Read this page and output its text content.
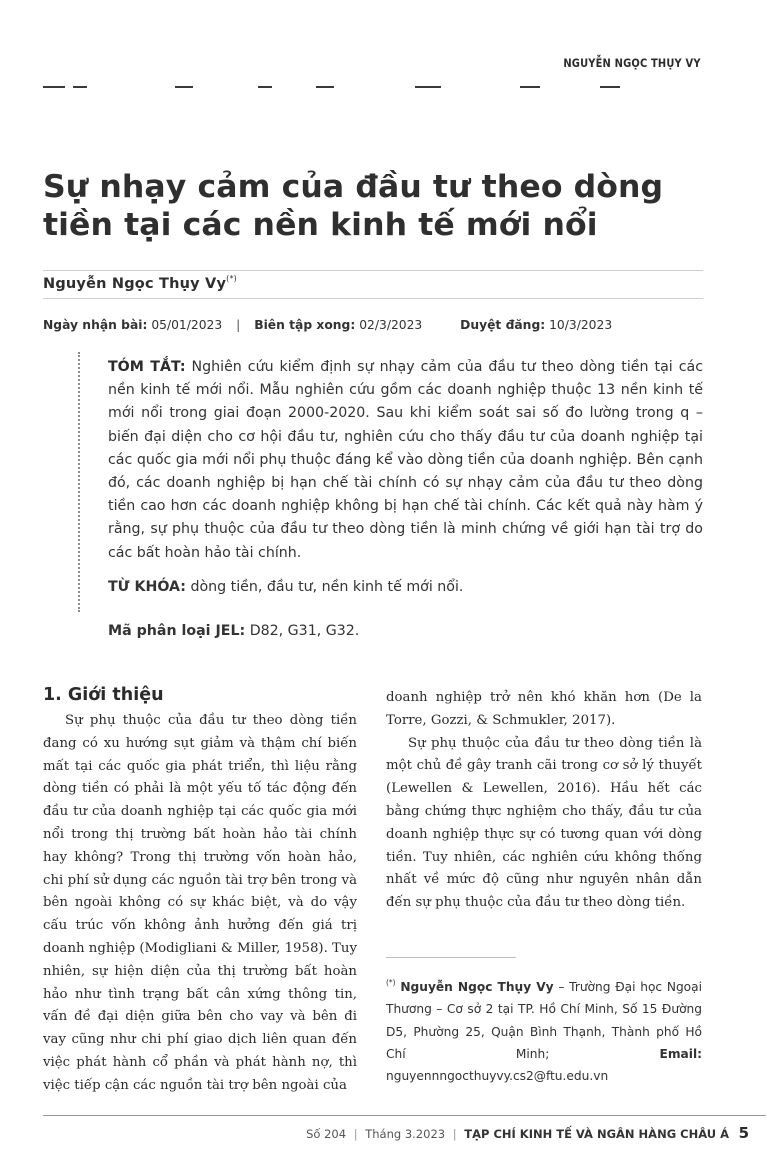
NGUYỄN NGỌC THỤY VY
Sự nhạy cảm của đầu tư theo dòng
tiền tại các nền kinh tế mới nổi
Nguyễn Ngọc Thụy Vy(*)
Ngày nhận bài: 05/01/2023 | Biên tập xong: 02/3/2023	Duyệt đăng: 10/3/2023

TÓM TẮT: Nghiên cứu kiểm định sự nhạy cảm của đầu tư theo dòng tiền tại các nền kinh tế mới nổi. Mẫu nghiên cứu gồm các doanh nghiệp thuộc 13 nền kinh tế mới nổi trong giai đoạn 2000-2020. Sau khi kiểm soát sai số đo lường trong q – biến đại diện cho cơ hội đầu tư, nghiên cứu cho thấy đầu tư của doanh nghiệp tại các quốc gia mới nổi phụ thuộc đáng kể vào dòng tiền của doanh nghiệp. Bên cạnh đó, các doanh nghiệp bị hạn chế tài chính có sự nhạy cảm của đầu tư theo dòng tiền cao hơn các doanh nghiệp không bị hạn chế tài chính. Các kết quả này hàm ý rằng, sự phụ thuộc của đầu tư theo dòng tiền là minh chứng về giới hạn tài trợ do các bất hoàn hảo tài chính.

TỪ KHÓA: dòng tiền, đầu tư, nền kinh tế mới nổi.
Mã phân loại JEL: D82, G31, G32.
1. Giới thiệu

Sự phụ thuộc của đầu tư theo dòng tiền đang có xu hướng sụt giảm và thậm chí biến mất tại các quốc gia phát triển, thì liệu rằng dòng tiền có phải là một yếu tố tác động đến đầu tư của doanh nghiệp tại các quốc gia mới nổi trong thị trường bất hoàn hảo tài chính hay không? Trong thị trường vốn hoàn hảo, chi phí sử dụng các nguồn tài trợ bên trong và bên ngoài không có sự khác biệt, và do vậy cấu trúc vốn không ảnh hưởng đến giá trị doanh nghiệp (Modigliani & Miller, 1958). Tuy nhiên, sự hiện diện của thị trường bất hoàn hảo như tình trạng bất cân xứng thông tin, vấn đề đại diện giữa bên cho vay và bên đi vay cũng như chi phí giao dịch liên quan đến việc phát hành cổ phần và phát hành nợ, thì việc tiếp cận các nguồn tài trợ bên ngoài của

doanh nghiệp trở nên khó khăn hơn (De la Torre, Gozzi, & Schmukler, 2017).

Sự phụ thuộc của đầu tư theo dòng tiền là một chủ đề gây tranh cãi trong cơ sở lý thuyết (Lewellen & Lewellen, 2016). Hầu hết các bằng chứng thực nghiệm cho thấy, đầu tư của doanh nghiệp thực sự có tương quan với dòng tiền. Tuy nhiên, các nghiên cứu không thống nhất về mức độ cũng như nguyên nhân dẫn đến sự phụ thuộc của đầu tư theo dòng tiền.

(*) Nguyễn Ngọc Thụy Vy – Trường Đại học Ngoại Thương – Cơ sở 2 tại TP. Hồ Chí Minh, Số 15 Đường D5, Phường 25, Quận Bình Thạnh, Thành phố Hồ Chí Minh;	Email: nguyennngocthuyvy.cs2@ftu.edu.vn
Số 204 | Tháng 3.2023 | TẠP CHÍ KINH TẾ VÀ NGÂN HÀNG CHÂU Á 5
